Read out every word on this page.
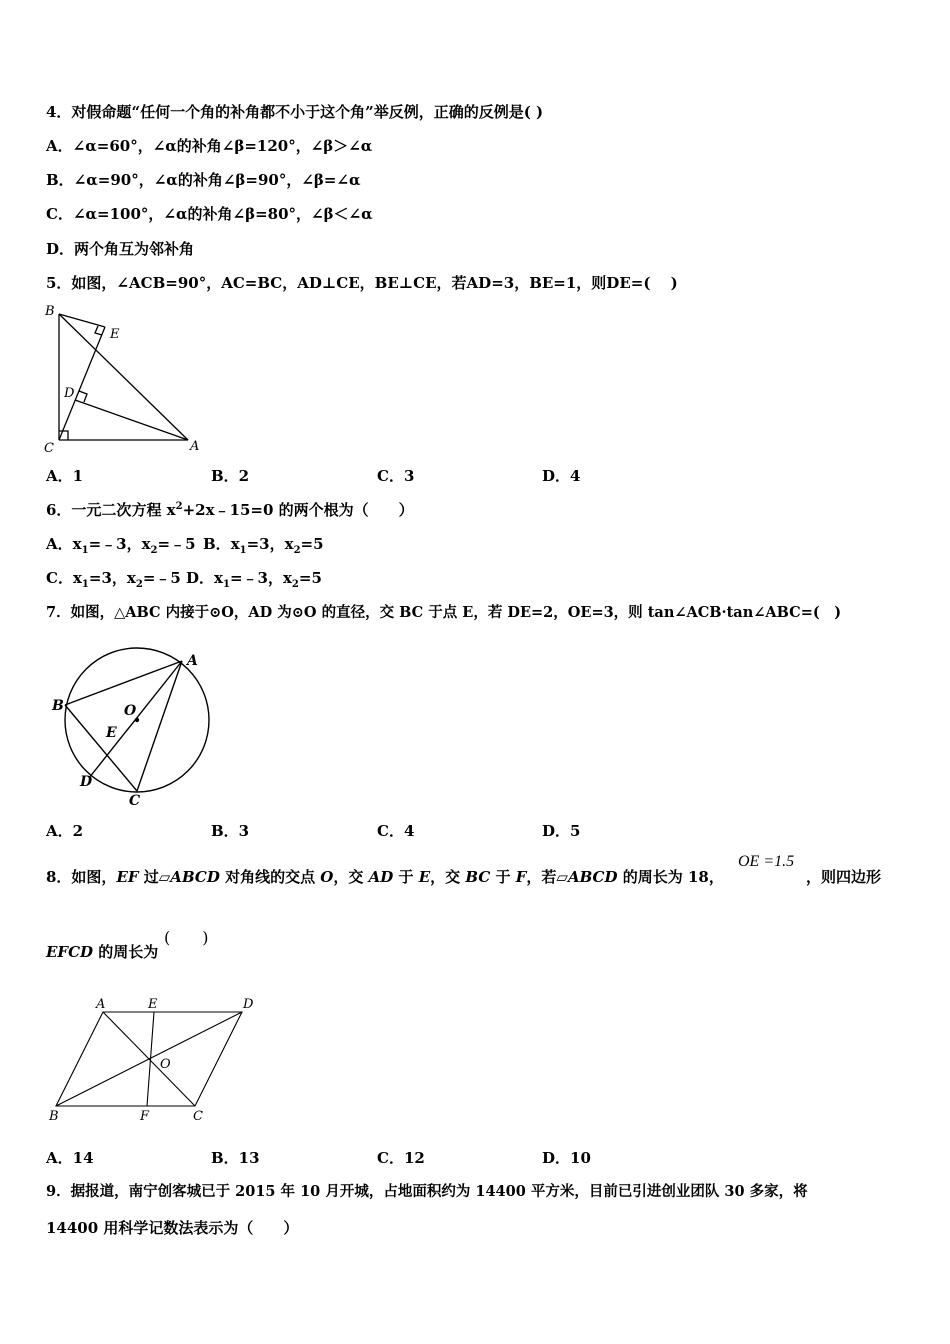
4．对假命题“任何一个角的补角都不小于这个角”举反例，正确的反例是( )
A．∠α=60°，∠α的补角∠β=120°，∠β＞∠α
B．∠α=90°，∠α的补角∠β=90°，∠β=∠α
C．∠α=100°，∠α的补角∠β=80°，∠β＜∠α
D．两个角互为邻补角
5．如图，∠ACB=90°，AC=BC，AD⊥CE，BE⊥CE，若AD=3，BE=1，则DE=(　 )
B
E
D
C	A
A．1	B．2	C．3	D．4
6．一元二次方程 $x^2+2x﹣15=0$ 的两个根为（　　）
A．$x_1=﹣3$，$x_2=﹣5$ B．$x_1=3$，$x_2=5$
C．$x_1=3$，$x_2=﹣5$ D．$x_1=﹣3$，$x_2=5$
7．如图，△ABC 内接于⊙O，AD 为⊙O 的直径，交 BC 于点 E，若 DE=2，OE=3，则 tan∠ACB·tan∠ABC=(　)
A
B	O
E
D
C
A．2	B．3	C．4	D．5
8．如图，EF 过▱ABCD 对角线的交点 O，交 AD 于 E，交 BC 于 F，若▱ABCD 的周长为 18，
OE =1.5
，则四边形
EFCD 的周长为
(　　)
A	E	D
O
B	F	C
A．14	B．13	C．12	D．10
9．据报道，南宁创客城已于 2015 年 10 月开城，占地面积约为 14400 平方米，目前已引进创业团队 30 多家，将
14400 用科学记数法表示为（　　）
